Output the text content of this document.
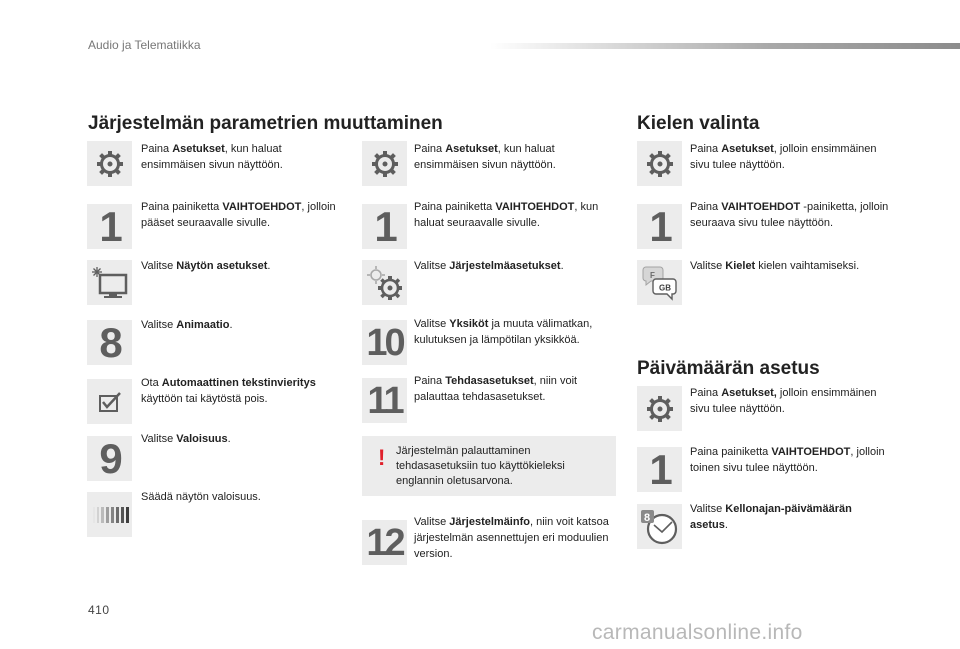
Audio ja Telematiikka
Järjestelmän parametrien muuttaminen
Paina Asetukset, kun haluat ensimmäisen sivun näyttöön.
1 Paina painiketta VAIHTOEHDOT, jolloin pääset seuraavalle sivulle.
Valitse Näytön asetukset.
8 Valitse Animaatio.
Ota Automaattinen tekstinvieritys käyttöön tai käytöstä pois.
9 Valitse Valoisuus.
Säädä näytön valoisuus.
Paina Asetukset, kun haluat ensimmäisen sivun näyttöön.
1 Paina painiketta VAIHTOEHDOT, kun haluat seuraavalle sivulle.
Valitse Järjestelmäasetukset.
10 Valitse Yksiköt ja muuta välimatkan, kulutuksen ja lämpötilan yksikköä.
11 Paina Tehdasasetukset, niin voit palauttaa tehdasasetukset.
! Järjestelmän palauttaminen tehdasasetuksiin tuo käyttökieleksi englannin oletusarvona.
12 Valitse Järjestelmäinfo, niin voit katsoa järjestelmän asennettujen eri moduulien version.
Kielen valinta
Paina Asetukset, jolloin ensimmäinen sivu tulee näyttöön.
1 Paina VAIHTOEHDOT -painiketta, jolloin seuraava sivu tulee näyttöön.
F
GB
Valitse Kielet kielen vaihtamiseksi.
Päivämäärän asetus
Paina Asetukset, jolloin ensimmäinen sivu tulee näyttöön.
1 Paina painiketta VAIHTOEHDOT, jolloin toinen sivu tulee näyttöön.
8
Valitse Kellonajan-päivämäärän asetus.
410
carmanualsonline.info
